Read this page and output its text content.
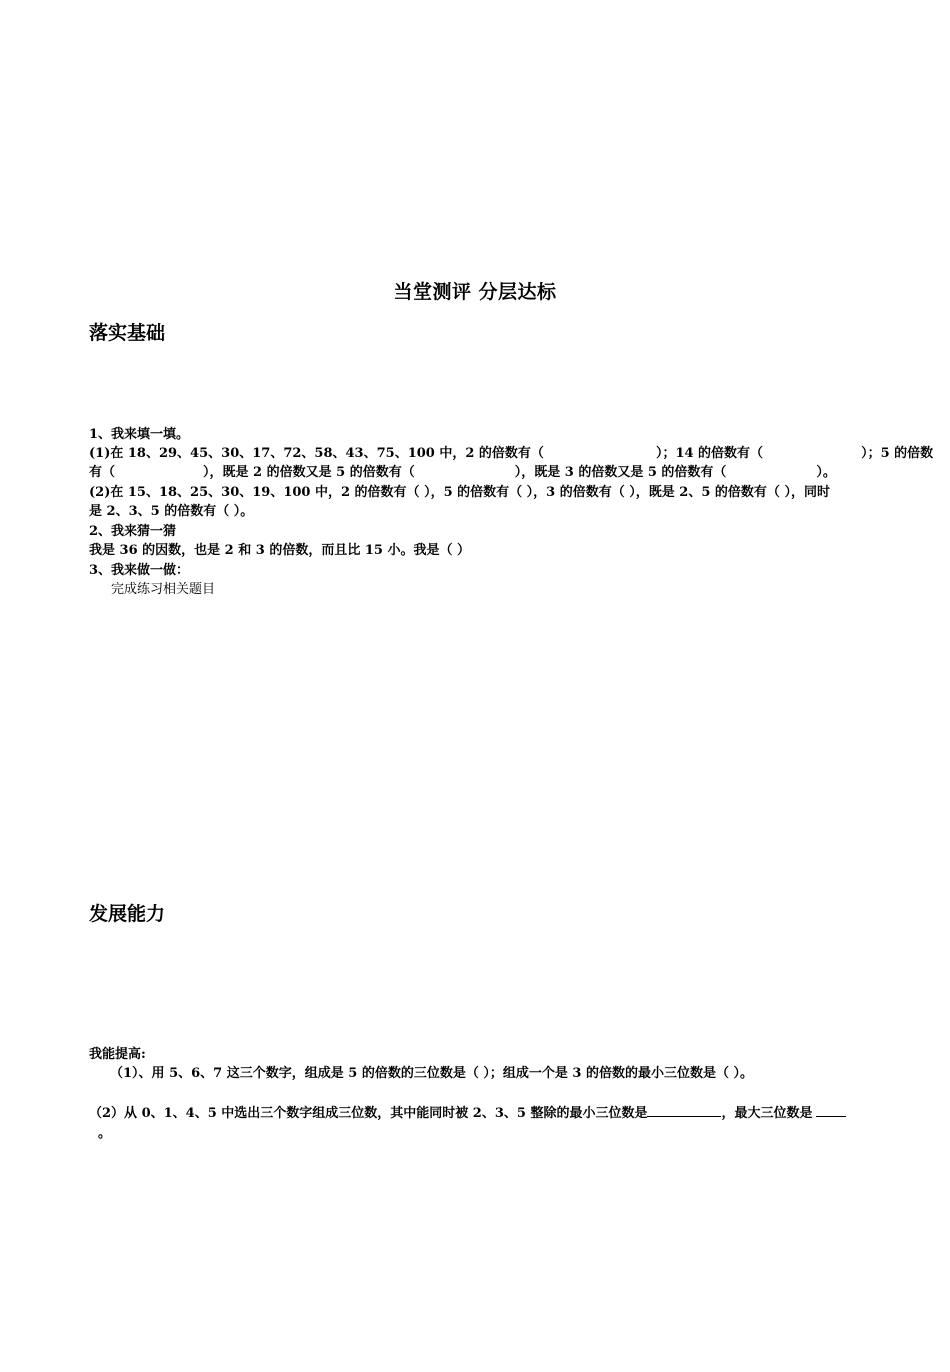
当堂测评 分层达标
落实基础
1、我来填一填。
(1)在 18、29、45、30、17、72、58、43、75、100 中，2 的倍数有（	）；14 的倍数有（	）；5 的倍数
有（	），既是 2 的倍数又是 5 的倍数有（	），既是 3 的倍数又是 5 的倍数有（	）。
(2)在 15、18、25、30、19、100 中，2 的倍数有（ ），5 的倍数有（ ），3 的倍数有（ ），既是 2、5 的倍数有（ ），同时
是 2、3、5 的倍数有（ ）。
2、我来猜一猜
我是 36 的因数，也是 2 和 3 的倍数，而且比 15 小。我是（ ）
3、我来做一做：
完成练习相关题目
发展能力
我能提高:
（1）、用 5、6、7 这三个数字，组成是 5 的倍数的三位数是（ ）；组成一个是 3 的倍数的最小三位数是（ ）。
（2）从 0、1、4、5 中选出三个数字组成三位数，其中能同时被 2、3、5 整除的最小三位数是	，最大三位数是
。
